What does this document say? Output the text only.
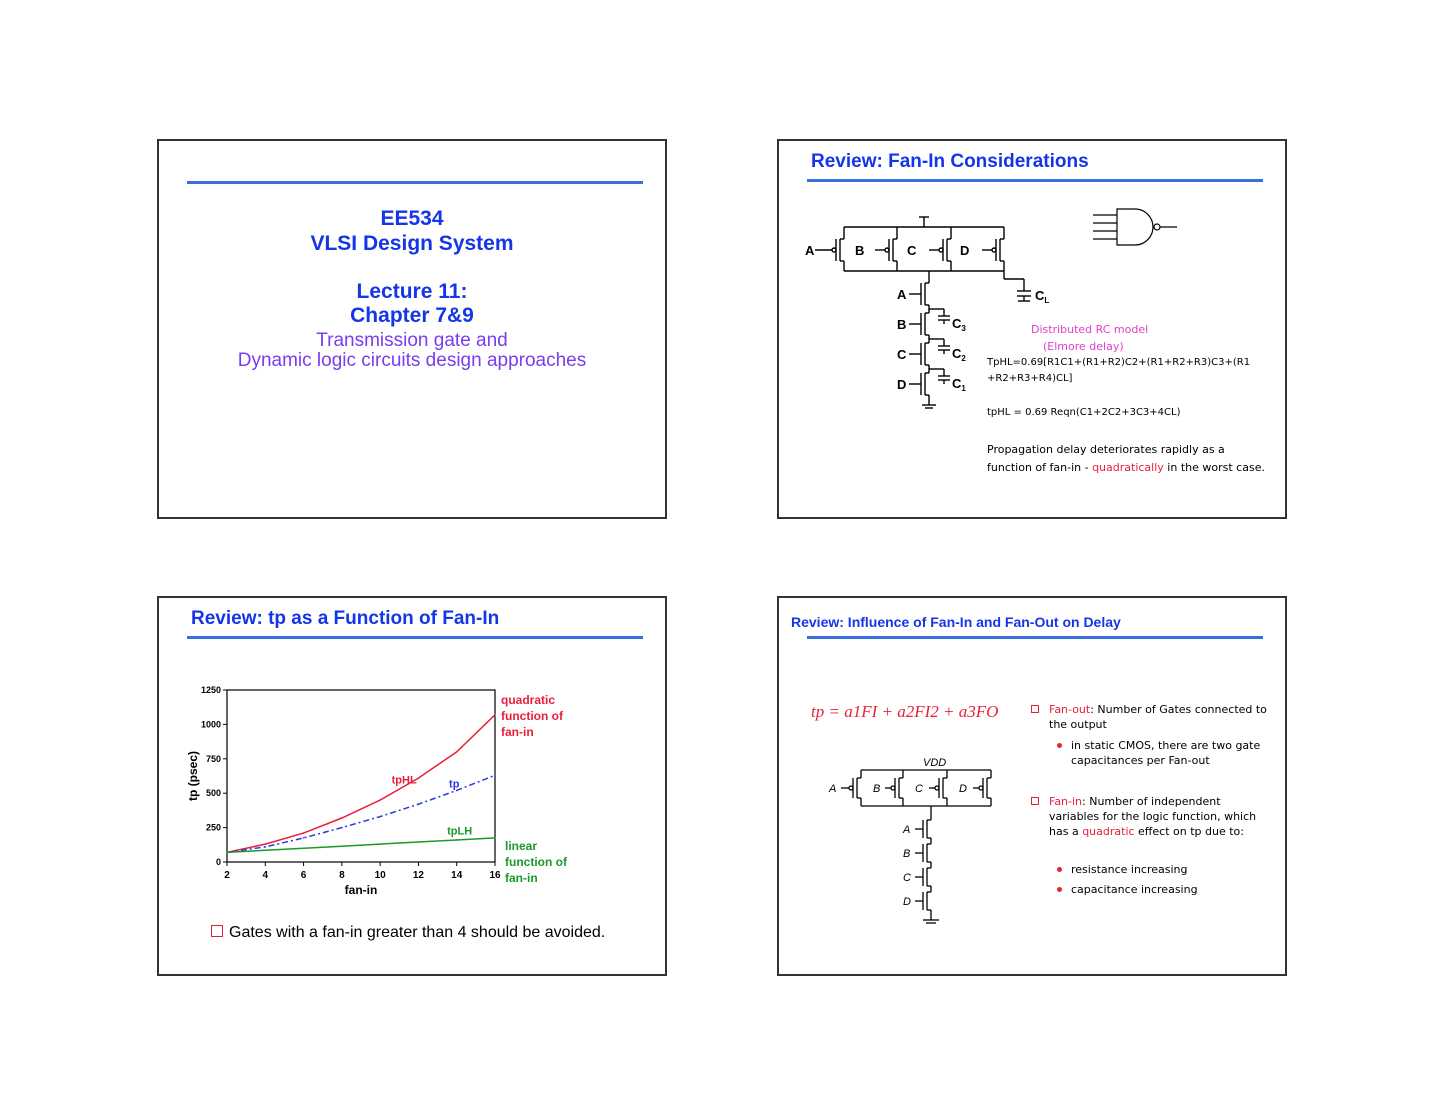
EE534
VLSI Design System
Lecture 11:
Chapter 7&9
Transmission gate and
Dynamic logic circuits design approaches
Review: Fan-In Considerations
A	B	C	D
A
B
C
D
$C_L$
$C_3$
$C_2$
$C_1$
Distributed RC model
(Elmore delay)
TpHL=0.69[R1C1+(R1+R2)C2+(R1+R2+R3)C3+(R1
+R2+R3+R4)CL]
tpHL = 0.69 Reqn(C1+2C2+3C3+4CL)
Propagation delay deteriorates rapidly as a function of fan-in - quadratically in the worst case.
Review: tp as a Function of Fan-In
2	4	6	8	10	12	14	16
0
250
500
750
1000
1250
fan-in
tp (psec)	tpHL	tp
tpLH
quadratic
function of
fan-in
linear
function of
fan-in
Gates with a fan-in greater than 4 should be avoided.
Review: Influence of Fan-In and Fan-Out on Delay
tp = a1FI + a2FI2 + a3FO
VDD
A	B	C	D
A
B
C
D
Fan-out: Number of Gates connected to the output
in static CMOS, there are two gate capacitances per Fan-out
Fan-in: Number of independent variables for the logic function, which has a quadratic effect on tp due to:
resistance increasing
capacitance increasing
